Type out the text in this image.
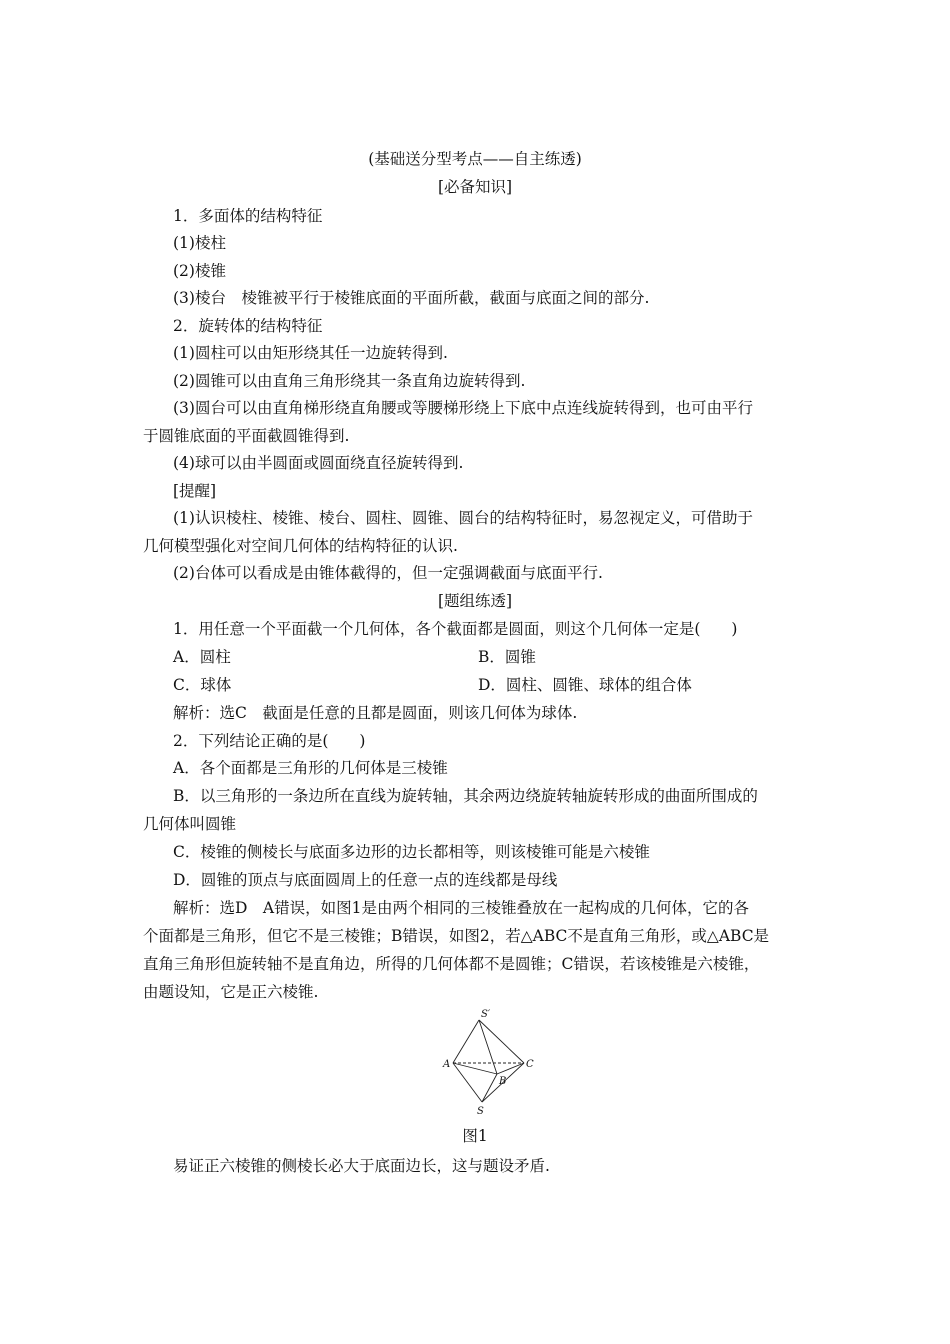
(基础送分型考点——自主练透)
[必备知识]
1．多面体的结构特征
(1)棱柱
(2)棱锥
(3)棱台　棱锥被平行于棱锥底面的平面所截，截面与底面之间的部分.
2．旋转体的结构特征
(1)圆柱可以由矩形绕其任一边旋转得到.
(2)圆锥可以由直角三角形绕其一条直角边旋转得到.
(3)圆台可以由直角梯形绕直角腰或等腰梯形绕上下底中点连线旋转得到，也可由平行
于圆锥底面的平面截圆锥得到.
(4)球可以由半圆面或圆面绕直径旋转得到.
[提醒]
(1)认识棱柱、棱锥、棱台、圆柱、圆锥、圆台的结构特征时，易忽视定义，可借助于
几何模型强化对空间几何体的结构特征的认识.
(2)台体可以看成是由锥体截得的，但一定强调截面与底面平行.
[题组练透]
1．用任意一个平面截一个几何体，各个截面都是圆面，则这个几何体一定是(　　)
A．圆柱	B．圆锥
C．球体	D．圆柱、圆锥、球体的组合体
解析：选C　截面是任意的且都是圆面，则该几何体为球体.
2．下列结论正确的是(　　)
A．各个面都是三角形的几何体是三棱锥
B．以三角形的一条边所在直线为旋转轴，其余两边绕旋转轴旋转形成的曲面所围成的
几何体叫圆锥
C．棱锥的侧棱长与底面多边形的边长都相等，则该棱锥可能是六棱锥
D．圆锥的顶点与底面圆周上的任意一点的连线都是母线
解析：选D　A错误，如图1是由两个相同的三棱锥叠放在一起构成的几何体，它的各
个面都是三角形，但它不是三棱锥；B错误，如图2，若△ABC不是直角三角形，或△ABC是
直角三角形但旋转轴不是直角边，所得的几何体都不是圆锥；C错误，若该棱锥是六棱锥，
由题设知，它是正六棱锥.
S′
A
B
C
S
图1
易证正六棱锥的侧棱长必大于底面边长，这与题设矛盾.
